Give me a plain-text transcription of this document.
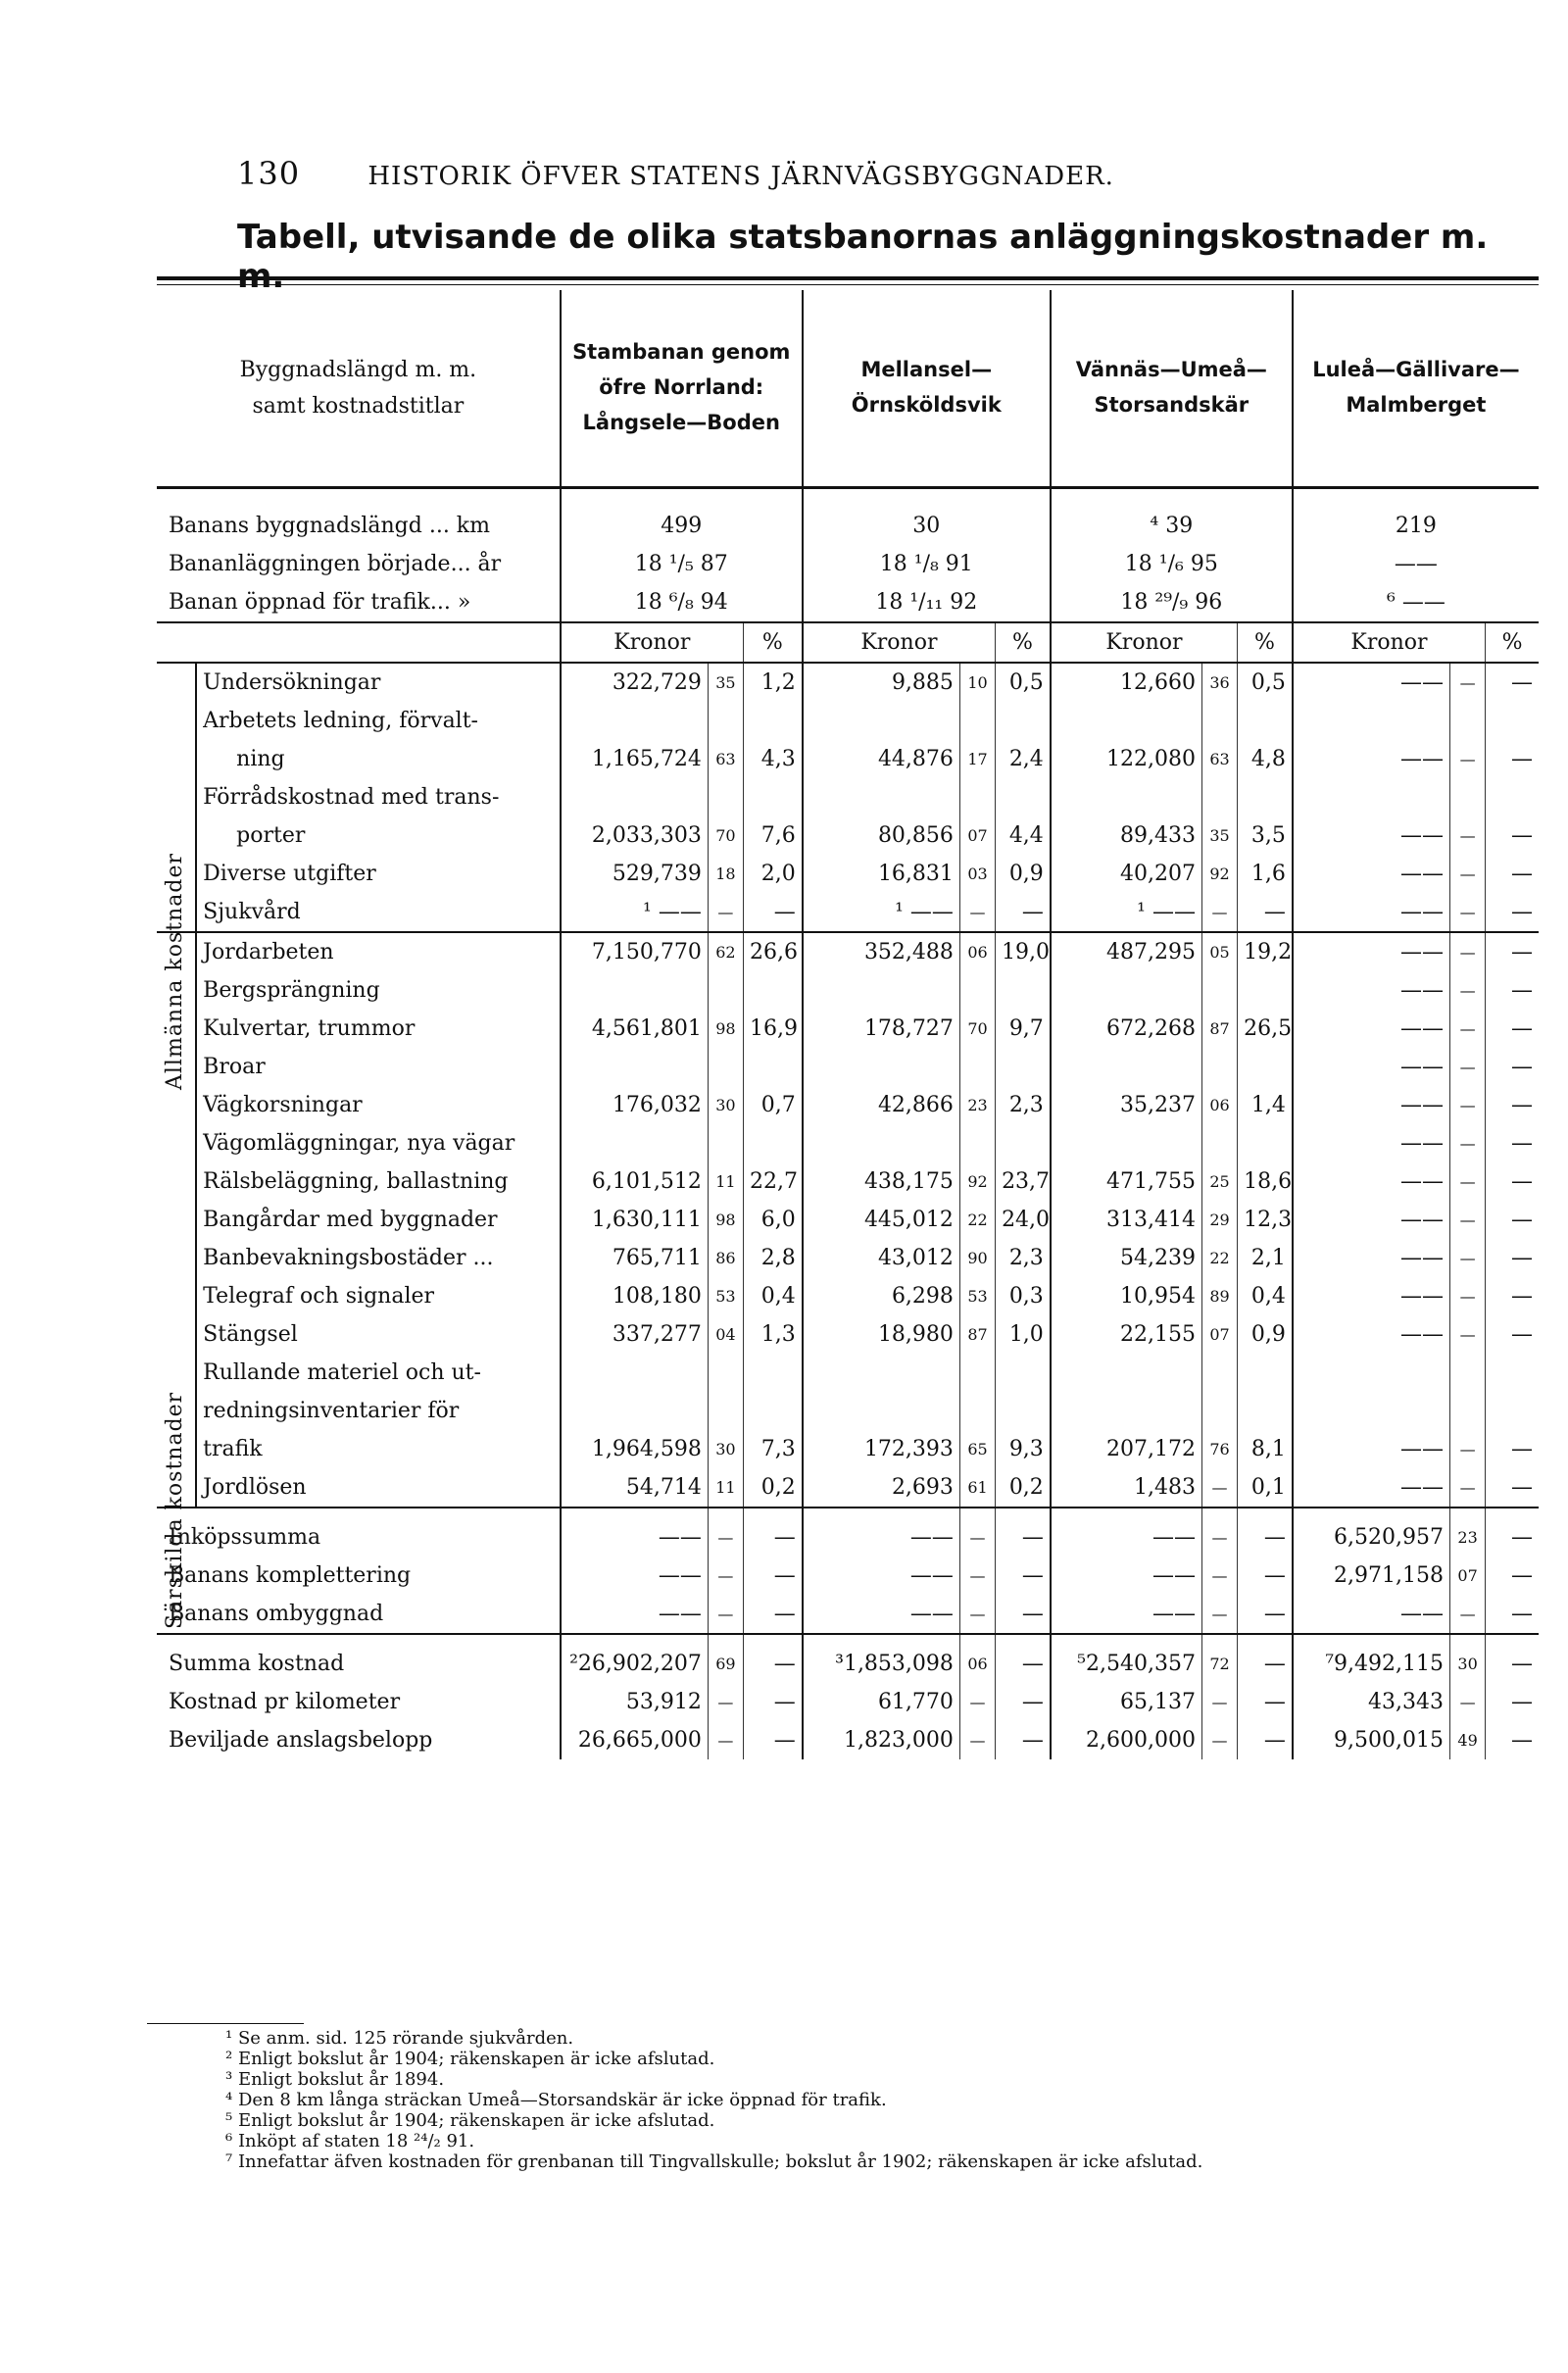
130	HISTORIK ÖFVER STATENS JÄRNVÄGSBYGGNADER.
Tabell, utvisande de olika statsbanornas anläggningskostnader m. m.
Byggnadslängd m. m.
samt kostnadstitlar		Stambanan genom
öfre Norrland:
Långsele—Boden			Mellansel—
Örnsköldsvik			Vännäs—Umeå—
Storsandskär			Luleå—Gällivare—
Malmberget		
Banans byggnadslängd ... km		499			30			⁴ 39			219		
Bananläggningen började... år		18 ¹/₅ 87			18 ¹/₈ 91			18 ¹/₆ 95			——		
Banan öppnad för trafik... »		18 ⁶/₈ 94			18 ¹/₁₁ 92			18 ²⁹/₉ 96			⁶ ——		
		Kronor		%	Kronor		%	Kronor		%	Kronor		%
	Undersökningar	322,729	35	1,2	9,885	10	0,5	12,660	36	0,5	——	—	—
	Arbetets ledning, förvalt-												
	ning	1,165,724	63	4,3	44,876	17	2,4	122,080	63	4,8	——	—	—
	Förrådskostnad med trans-												
	porter	2,033,303	70	7,6	80,856	07	4,4	89,433	35	3,5	——	—	—
	Diverse utgifter	529,739	18	2,0	16,831	03	0,9	40,207	92	1,6	——	—	—
	Sjukvård	¹ ——	—	—	¹ ——	—	—	¹ ——	—	—	——	—	—
	Jordarbeten	7,150,770	62	26,6	352,488	06	19,0	487,295	05	19,2	——	—	—
	Bergsprängning										——	—	—
	Kulvertar, trummor	4,561,801	98	16,9	178,727	70	9,7	672,268	87	26,5	——	—	—
	Broar										——	—	—
	Vägkorsningar	176,032	30	0,7	42,866	23	2,3	35,237	06	1,4	——	—	—
	Vägomläggningar, nya vägar										——	—	—
	Rälsbeläggning, ballastning	6,101,512	11	22,7	438,175	92	23,7	471,755	25	18,6	——	—	—
	Bangårdar med byggnader	1,630,111	98	6,0	445,012	22	24,0	313,414	29	12,3	——	—	—
	Banbevakningsbostäder ...	765,711	86	2,8	43,012	90	2,3	54,239	22	2,1	——	—	—
	Telegraf och signaler	108,180	53	0,4	6,298	53	0,3	10,954	89	0,4	——	—	—
	Stängsel	337,277	04	1,3	18,980	87	1,0	22,155	07	0,9	——	—	—
	Rullande materiel och ut-												
	redningsinventarier för												
	trafik	1,964,598	30	7,3	172,393	65	9,3	207,172	76	8,1	——	—	—
	Jordlösen	54,714	11	0,2	2,693	61	0,2	1,483	—	0,1	——	—	—
Inköpssumma		——	—	—	——	—	—	——	—	—	6,520,957	23	—
Banans komplettering		——	—	—	——	—	—	——	—	—	2,971,158	07	—
Banans ombyggnad		——	—	—	——	—	—	——	—	—	——	—	—
Summa kostnad		²26,902,207	69	—	³1,853,098	06	—	⁵2,540,357	72	—	⁷9,492,115	30	—
Kostnad pr kilometer		53,912	—	—	61,770	—	—	65,137	—	—	43,343	—	—
Beviljade anslagsbelopp		26,665,000	—	—	1,823,000	—	—	2,600,000	—	—	9,500,015	49	—
Allmänna kostnader
Särskilda kostnader
¹ Se anm. sid. 125 rörande sjukvården.
² Enligt bokslut år 1904; räkenskapen är icke afslutad.
³ Enligt bokslut år 1894.
⁴ Den 8 km långa sträckan Umeå—Storsandskär är icke öppnad för trafik.
⁵ Enligt bokslut år 1904; räkenskapen är icke afslutad.
⁶ Inköpt af staten 18 ²⁴/₂ 91.
⁷ Innefattar äfven kostnaden för grenbanan till Tingvallskulle; bokslut år 1902; räkenskapen är icke afslutad.
